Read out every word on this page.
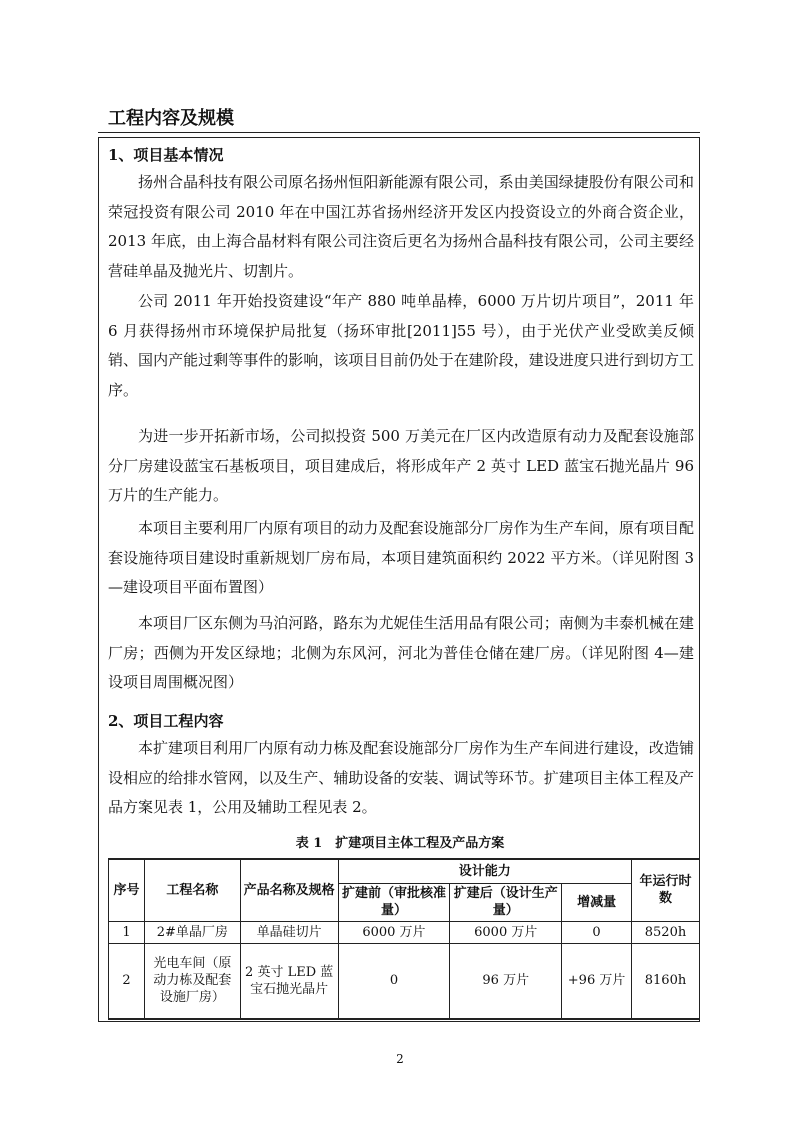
工程内容及规模
1、项目基本情况

扬州合晶科技有限公司原名扬州恒阳新能源有限公司，系由美国绿捷股份有限公司和荣冠投资有限公司 2010 年在中国江苏省扬州经济开发区内投资设立的外商合资企业，2013 年底，由上海合晶材料有限公司注资后更名为扬州合晶科技有限公司，公司主要经营硅单晶及抛光片、切割片。

公司 2011 年开始投资建设“年产 880 吨单晶棒，6000 万片切片项目”，2011 年 6 月获得扬州市环境保护局批复（扬环审批[2011]55 号），由于光伏产业受欧美反倾销、国内产能过剩等事件的影响，该项目目前仍处于在建阶段，建设进度只进行到切方工序。

为进一步开拓新市场，公司拟投资 500 万美元在厂区内改造原有动力及配套设施部分厂房建设蓝宝石基板项目，项目建成后，将形成年产 2 英寸 LED 蓝宝石抛光晶片 96 万片的生产能力。

本项目主要利用厂内原有项目的动力及配套设施部分厂房作为生产车间，原有项目配套设施待项目建设时重新规划厂房布局，本项目建筑面积约 2022 平方米。（详见附图 3—建设项目平面布置图）

本项目厂区东侧为马泊河路，路东为尤妮佳生活用品有限公司；南侧为丰泰机械在建厂房；西侧为开发区绿地；北侧为东风河，河北为普佳仓储在建厂房。（详见附图 4—建设项目周围概况图）

2、项目工程内容

本扩建项目利用厂内原有动力栋及配套设施部分厂房作为生产车间进行建设，改造铺设相应的给排水管网，以及生产、辅助设备的安装、调试等环节。扩建项目主体工程及产品方案见表 1，公用及辅助工程见表 2。

表 1　扩建项目主体工程及产品方案
序号	工程名称	产品名称及规格	设计能力			年运行时数
			扩建前（审批核准量）	扩建后（设计生产量）	增减量	
1	2#单晶厂房	单晶硅切片	6000 万片	6000 万片	0	8520h
2	光电车间（原动力栋及配套设施厂房）	2 英寸 LED 蓝宝石抛光晶片	0	96 万片	+96 万片	8160h
2
